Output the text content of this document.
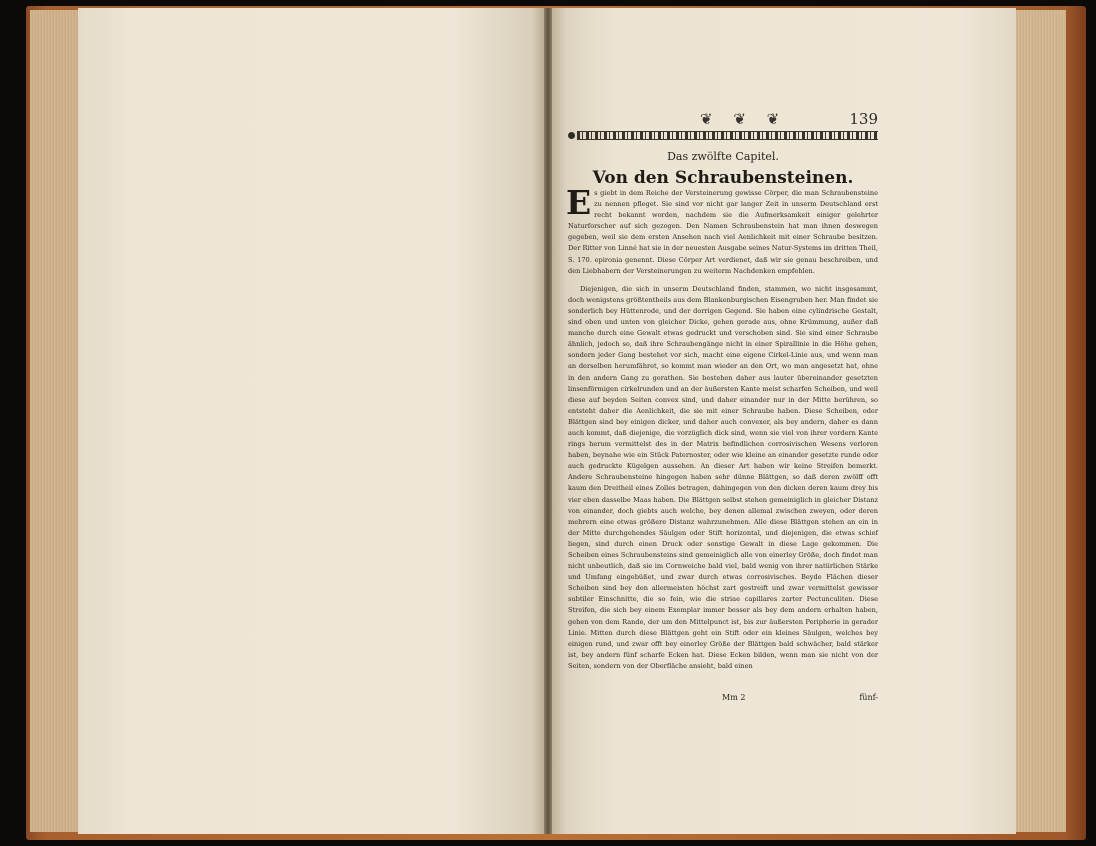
❦ ❦ ❦	139
Das zwölfte Capitel.
Von den Schraubensteinen.

Es giebt in dem Reiche der Versteinerung gewisse Cörper, die man Schraubensteine zu nennen pfleget. Sie sind vor nicht gar langer Zeit in unserm Deutschland erst recht bekannt worden, nachdem sie die Aufmerksamkeit einiger gelehrter Naturforscher auf sich gezogen. Den Namen Schraubenstein hat man ihnen deswegen gegeben, weil sie dem ersten Ansehen nach viel Aenlichkeit mit einer Schraube besitzen. Der Ritter von Linné hat sie in der neuesten Ausgabe seines Natur-Systems im dritten Theil, S. 170. epironia genennt. Diese Cörper Art verdienet, daß wir sie genau beschreiben, und den Liebhabern der Versteinerungen zu weiterm Nachdenken empfehlen.

Diejenigen, die sich in unserm Deutschland finden, stammen, wo nicht insgesammt, doch wenigstens größtentheils aus dem Blankenburgischen Eisengruben her. Man findet sie sonderlich bey Hüttenrode, und der dorrigen Gegend. Sie haben eine cylindrische Gestalt, sind oben und unten von gleicher Dicke, gehen gerade aus, ohne Krümmung, außer daß manche durch eine Gewalt etwas gedruckt und verschoben sind. Sie sind einer Schraube ähnlich, jedoch so, daß ihre Schraubengänge nicht in einer Spirallinie in die Höhe gehen, sondern jeder Gang bestehet vor sich, macht eine eigene Cirkel-Linie aus, und wenn man an derselben herumfähret, so kommt man wieder an den Ort, wo man angesetzt hat, ohne in den andern Gang zu gerathen. Sie bestehen daher aus lauter übereinander gesetzten linsenförmigen cirkelrunden und an der äußersten Kante meist scharfen Scheiben, und weil diese auf beyden Seiten convex sind, und daher einander nur in der Mitte berühren, so entsteht daher die Aenlichkeit, die sie mit einer Schraube haben. Diese Scheiben, oder Blättgen sind bey einigen dicker, und daher auch convexer, als bey andern, daher es dann auch kommt, daß diejenige, die vorzüglich dick sind, wenn sie viel von ihrer vordern Kante rings herum vermittelst des in der Matrix befindlichen corrosivischen Wesens verloren haben, beynahe wie ein Stück Paternoster, oder wie kleine an einander gesetzte runde oder auch gedruckte Kügelgen aussehen. An dieser Art haben wir keine Streifen bemerkt. Andere Schraubensteine hingegen haben sehr dünne Blättgen, so daß deren zwölff offt kaum den Dreitheil eines Zolles betragen, dahingegen von den dicken deren kaum drey bis vier eben dasselbe Maas haben. Die Blättgen selbst stehen gemeiniglich in gleicher Distanz von einander, doch giebts auch welche, bey denen allemal zwischen zweyen, oder deren mehrern eine etwas größere Distanz wahrzunehmen. Alle diese Blättgen stehen an ein in der Mitte durchgehendes Säulgen oder Stift horizontal, und diejenigen, die etwas schief liegen, sind durch einen Druck oder sonstige Gewalt in diese Lage gekommen. Die Scheiben eines Schraubensteins sind gemeiniglich alle von einerley Größe, doch findet man nicht unbeutlich, daß sie im Cornweiche bald viel, bald wenig von ihrer natürlichen Stärke und Umfang eingebüßet, und zwar durch etwas corrosivisches. Beyde Flächen dieser Scheiben sind bey den allermeisten höchst zart gestreift und zwar vermittelst gewisser subtiler Einschnitte, die so fein, wie die striae capillares zarter Pectunculiten. Diese Streifen, die sich bey einem Exemplar immer besser als bey dem andern erhalten haben, gehen von dem Rande, der um den Mittelpunct ist, bis zur äußersten Peripherie in gerader Linie. Mitten durch diese Blättgen geht ein Stift oder ein kleines Säulgen, welches bey einigen rund, und zwar offt bey einerley Größe der Blättgen bald schwächer, bald stärker ist, bey andern fünf scharfe Ecken hat. Diese Ecken bilden, wenn man sie nicht von der Seiten, sondern von der Oberfläche ansieht, bald einen

Mm 2	fünf-
